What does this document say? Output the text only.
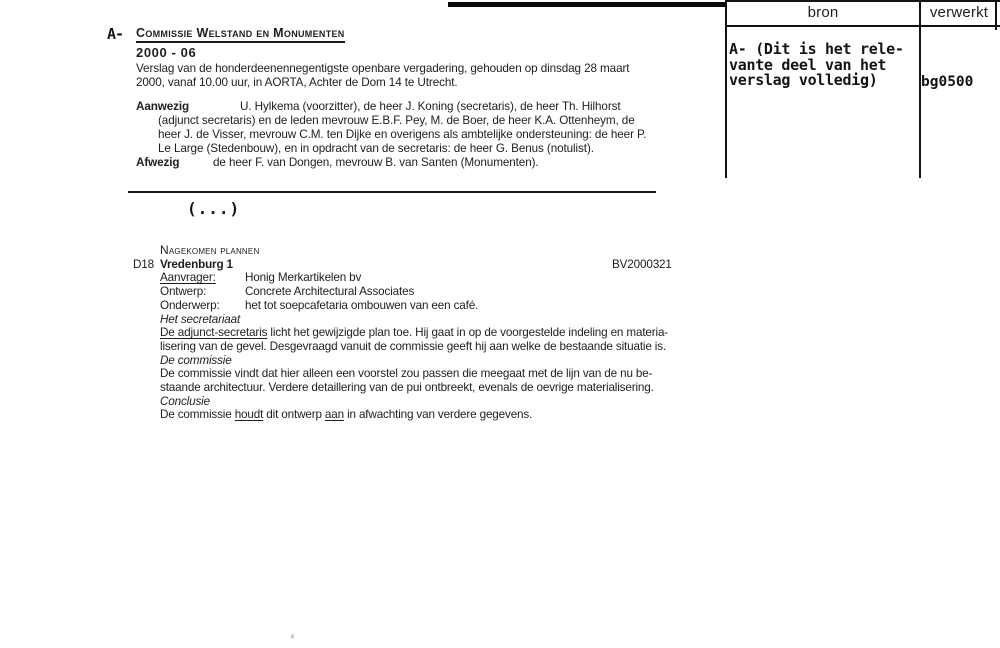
bron	verwerkt
A- (Dit is het rele-
vante deel van het
verslag volledig)	bg0500
A- Commissie Welstand en Monumenten
2000 - 06
Verslag van de honderdeenennegentigste openbare vergadering, gehouden op dinsdag 28 maart
2000, vanaf 10.00 uur, in AORTA, Achter de Dom 14 te Utrecht.
Aanwezig	U. Hylkema (voorzitter), de heer J. Koning (secretaris), de heer Th. Hilhorst
(adjunct secretaris) en de leden mevrouw E.B.F. Pey, M. de Boer, de heer K.A. Ottenheym, de
heer J. de Visser, mevrouw C.M. ten Dijke en overigens als ambtelijke ondersteuning: de heer P.
Le Large (Stedenbouw), en in opdracht van de secretaris: de heer G. Benus (notulist).
Afwezig	de heer F. van Dongen, mevrouw B. van Santen (Monumenten).
(...)
Nagekomen plannen
D18 Vredenburg 1	BV2000321
Aanvrager:	Honig Merkartikelen bv
Ontwerp:	Concrete Architectural Associates
Onderwerp: het tot soepcafetaria ombouwen van een café.
Het secretariaat
De adjunct-secretaris licht het gewijzigde plan toe. Hij gaat in op de voorgestelde indeling en materia-
lisering van de gevel. Desgevraagd vanuit de commissie geeft hij aan welke de bestaande situatie is.
De commissie
De commissie vindt dat hier alleen een voorstel zou passen die meegaat met de lijn van de nu be-
staande architectuur. Verdere detaillering van de pui ontbreekt, evenals de oevrige materialisering.
Conclusie
De commissie houdt dit ontwerp aan in afwachting van verdere gegevens.
